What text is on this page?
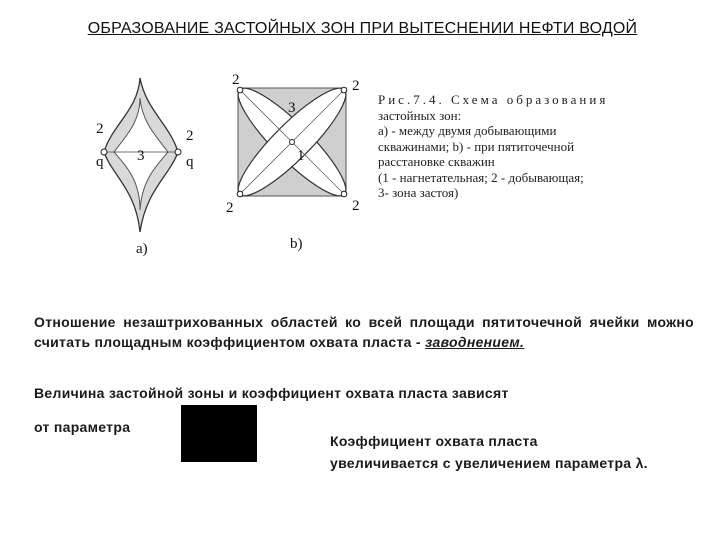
ОБРАЗОВАНИЕ ЗАСТОЙНЫХ ЗОН ПРИ ВЫТЕСНЕНИИ НЕФТИ ВОДОЙ
2
q
2
q
3
a)
2	2
2	2
3
1
b)
Рис.7.4. Схема образования
застойных зон:
а) - между двумя добывающими
скважинами; b) - при пятиточечной
расстановке скважин
(1 - нагнетательная; 2 - добывающая;
3- зона застоя)
Отношение незаштрихованных областей ко всей площади пятиточечной ячейки можно считать площадным коэффициентом охвата пласта - заводнением.
Величина застойной зоны и коэффициент охвата пласта зависят
от параметра
Коэффициент охвата пласта увеличивается с увеличением параметра λ.
